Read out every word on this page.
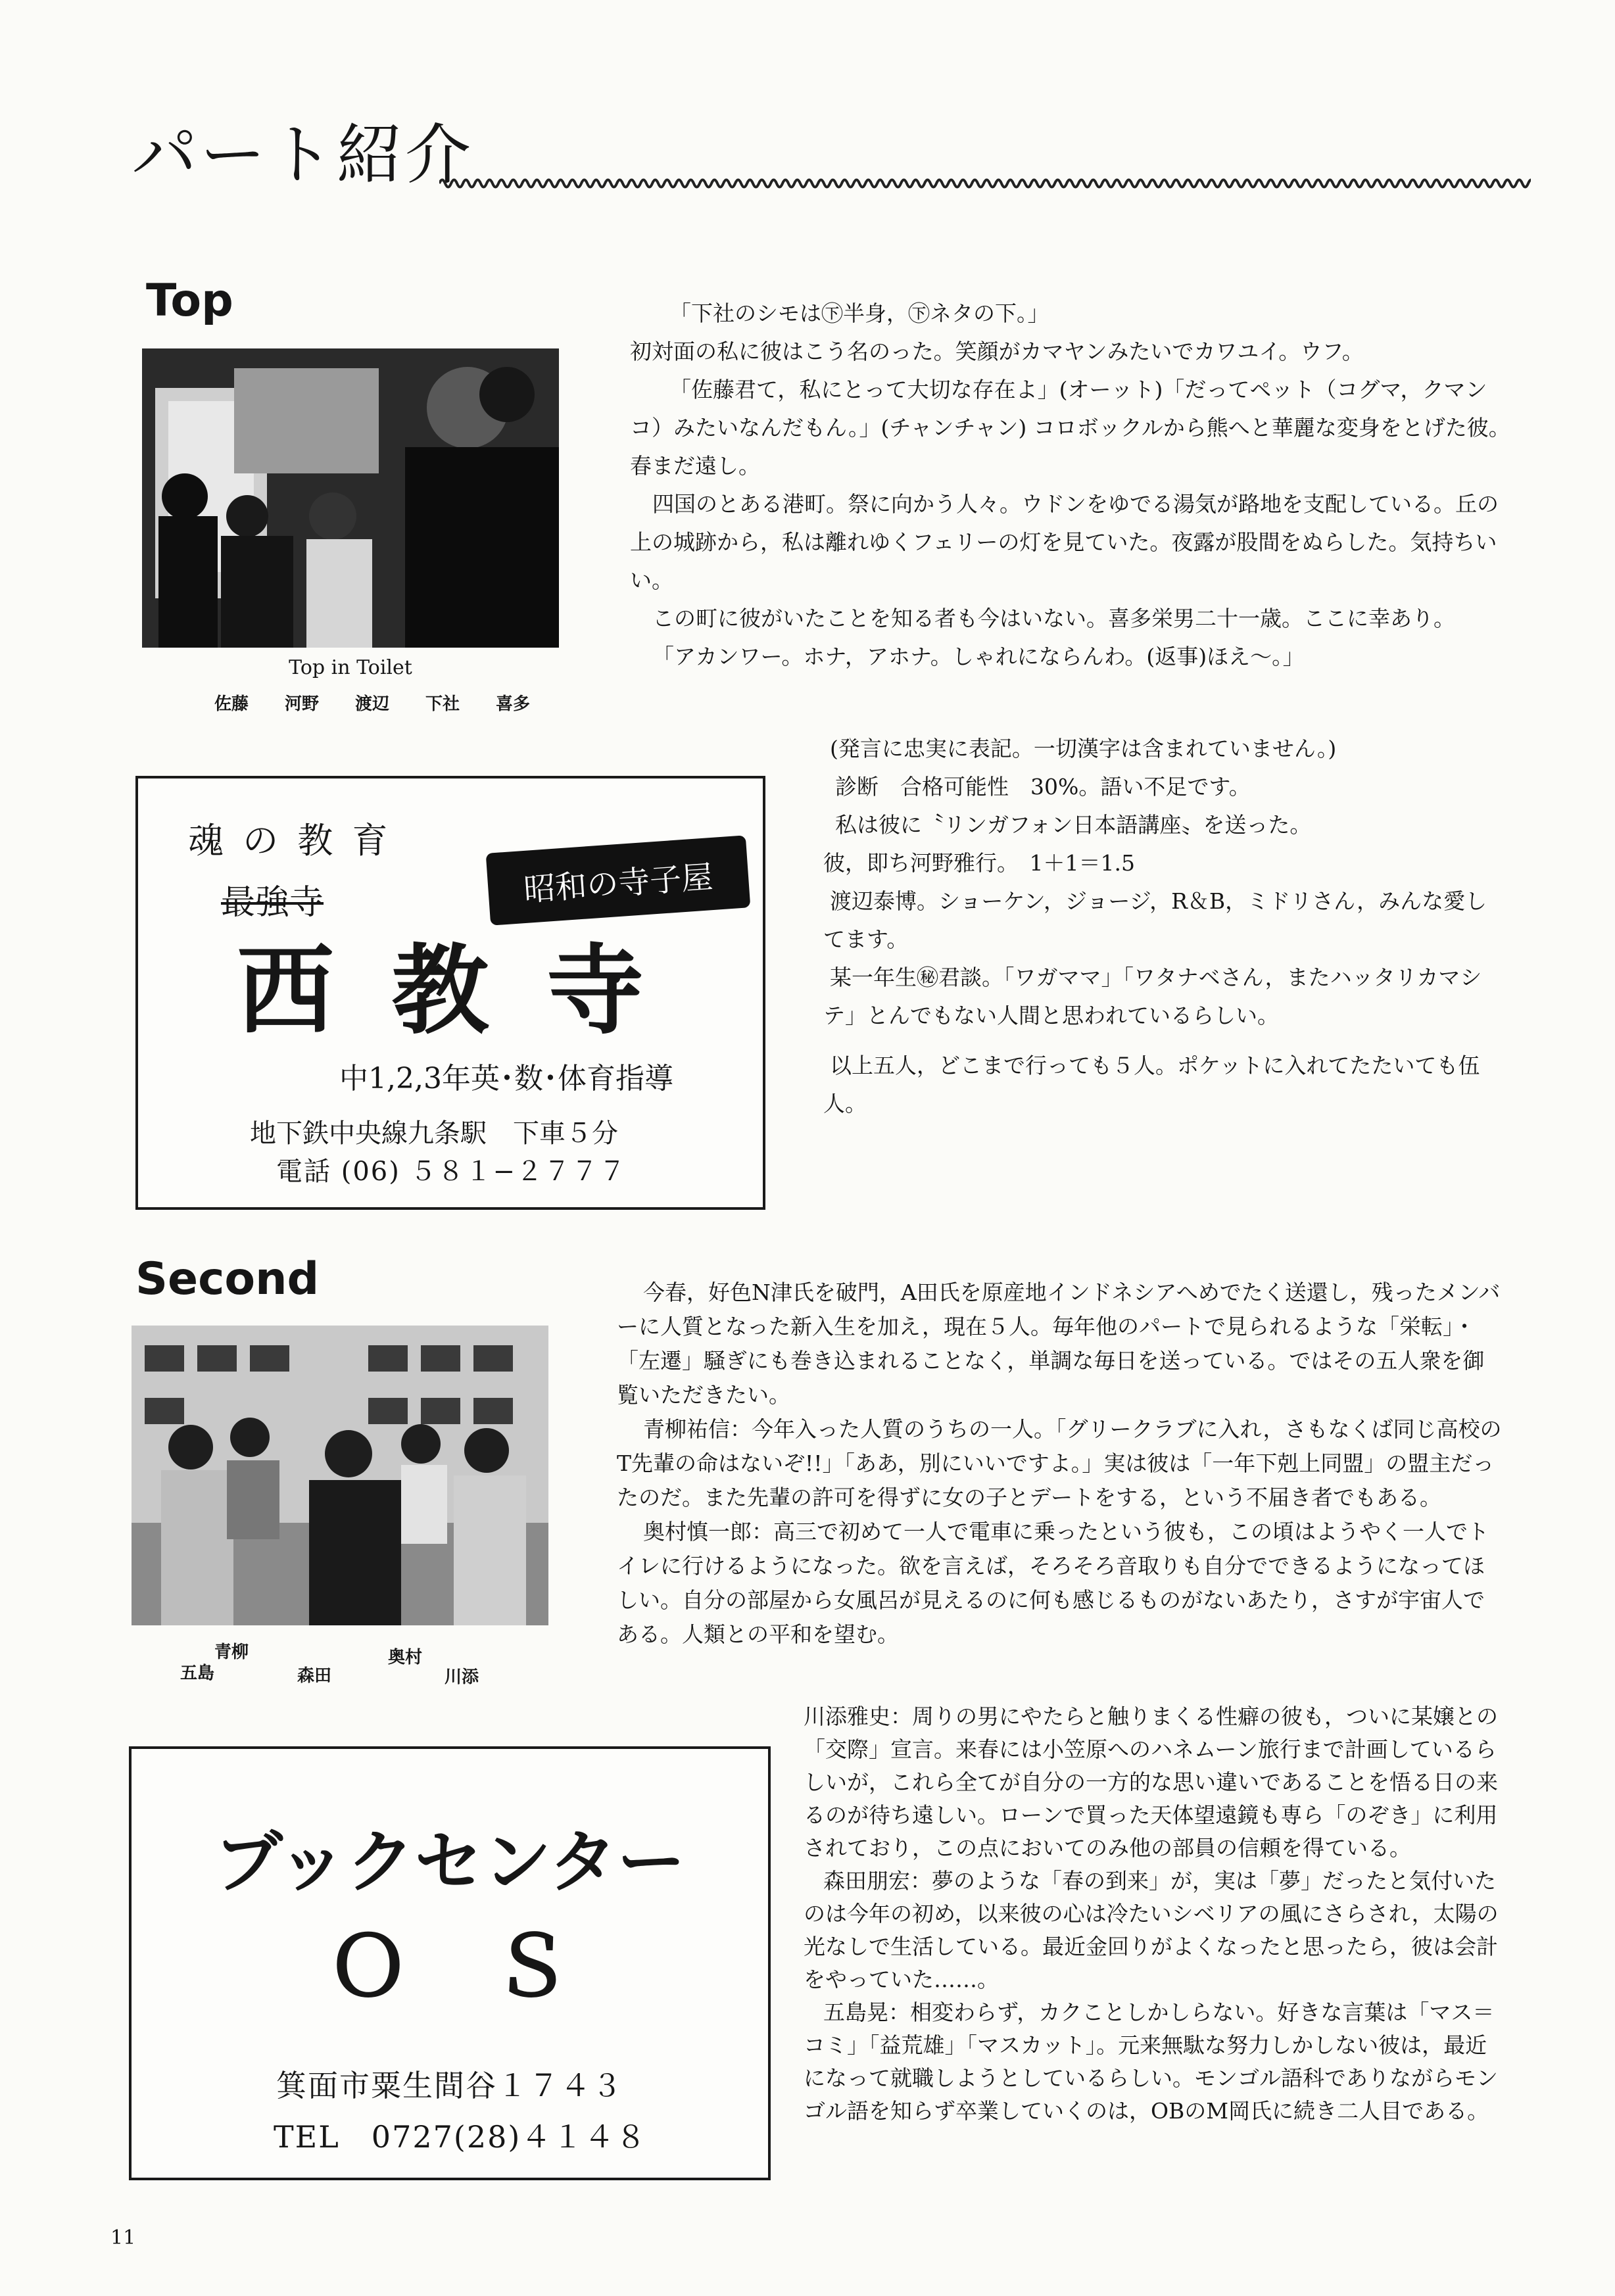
パート紹介
Top
Top in Toilet
佐藤 河野 渡辺 下社 喜多

「下社のシモは㊦半身，㊦ネタの下。」

初対面の私に彼はこう名のった。笑顔がカマヤンみたいでカワユイ。ウフ。

「佐藤君て，私にとって大切な存在よ」(オーット)「だってペット（コグマ，クマンコ）みたいなんだもん。」(チャンチャン) コロボックルから熊へと華麗な変身をとげた彼。　春まだ遠し。

四国のとある港町。祭に向かう人々。ウドンをゆでる湯気が路地を支配している。丘の上の城跡から，私は離れゆくフェリーの灯を見ていた。夜露が股間をぬらした。気持ちいい。

この町に彼がいたことを知る者も今はいない。喜多栄男二十一歳。ここに幸あり。

「アカンワー。ホナ，アホナ。しゃれにならんわ。(返事)ほえ～。」

(発言に忠実に表記。一切漢字は含まれていません。)

診断　合格可能性　30%。語い不足です。

私は彼に〝リンガフォン日本語講座〟を送った。

彼，即ち河野雅行。　1＋1＝1.5

渡辺泰博。ショーケン，ジョージ，R＆B，ミドリさん，みんな愛してます。

某一年生㊙君談。「ワガママ」「ワタナベさん，またハッタリカマシテ」とんでもない人間と思われているらしい。

以上五人，どこまで行っても５人。ポケットに入れてたたいても伍人。

魂 の 教 育
最強寺	昭和の寺子屋
西 教 寺
中1,2,3年英･数･体育指導
地下鉄中央線九条駅　下車５分
電話 (06) ５８１−２７７７
Second
青柳	奥村
五島	森田	川添

今春，好色N津氏を破門，A田氏を原産地インドネシアへめでたく送還し，残ったメンバーに人質となった新入生を加え，現在５人。毎年他のパートで見られるような「栄転」・「左遷」騒ぎにも巻き込まれることなく，単調な毎日を送っている。ではその五人衆を御覧いただきたい。

青柳祐信：今年入った人質のうちの一人。「グリークラブに入れ，さもなくば同じ高校のT先輩の命はないぞ!!」「ああ，別にいいですよ。」実は彼は「一年下剋上同盟」の盟主だったのだ。また先輩の許可を得ずに女の子とデートをする，という不届き者でもある。

奥村慎一郎：高三で初めて一人で電車に乗ったという彼も，この頃はようやく一人でトイレに行けるようになった。欲を言えば，そろそろ音取りも自分でできるようになってほしい。自分の部屋から女風呂が見えるのに何も感じるものがないあたり，さすが宇宙人である。人類との平和を望む。

川添雅史：周りの男にやたらと触りまくる性癖の彼も，ついに某嬢との「交際」宣言。来春には小笠原へのハネムーン旅行まで計画しているらしいが，これら全てが自分の一方的な思い違いであることを悟る日の来るのが待ち遠しい。ローンで買った天体望遠鏡も専ら「のぞき」に利用されており，この点においてのみ他の部員の信頼を得ている。

森田朋宏：夢のような「春の到来」が，実は「夢」だったと気付いたのは今年の初め，以来彼の心は冷たいシベリアの風にさらされ，太陽の光なしで生活している。最近金回りがよくなったと思ったら，彼は会計をやっていた……。

五島晃：相変わらず，カクことしかしらない。好きな言葉は「マス＝コミ」「益荒雄」「マスカット」。元来無駄な努力しかしない彼は，最近になって就職しようとしているらしい。モンゴル語科でありながらモンゴル語を知らず卒業していくのは，OBのM岡氏に続き二人目である。

ブックセンター
Ｏ　Ｓ
箕面市粟生間谷１７４３
TEL　0727(28)４１４８
11
